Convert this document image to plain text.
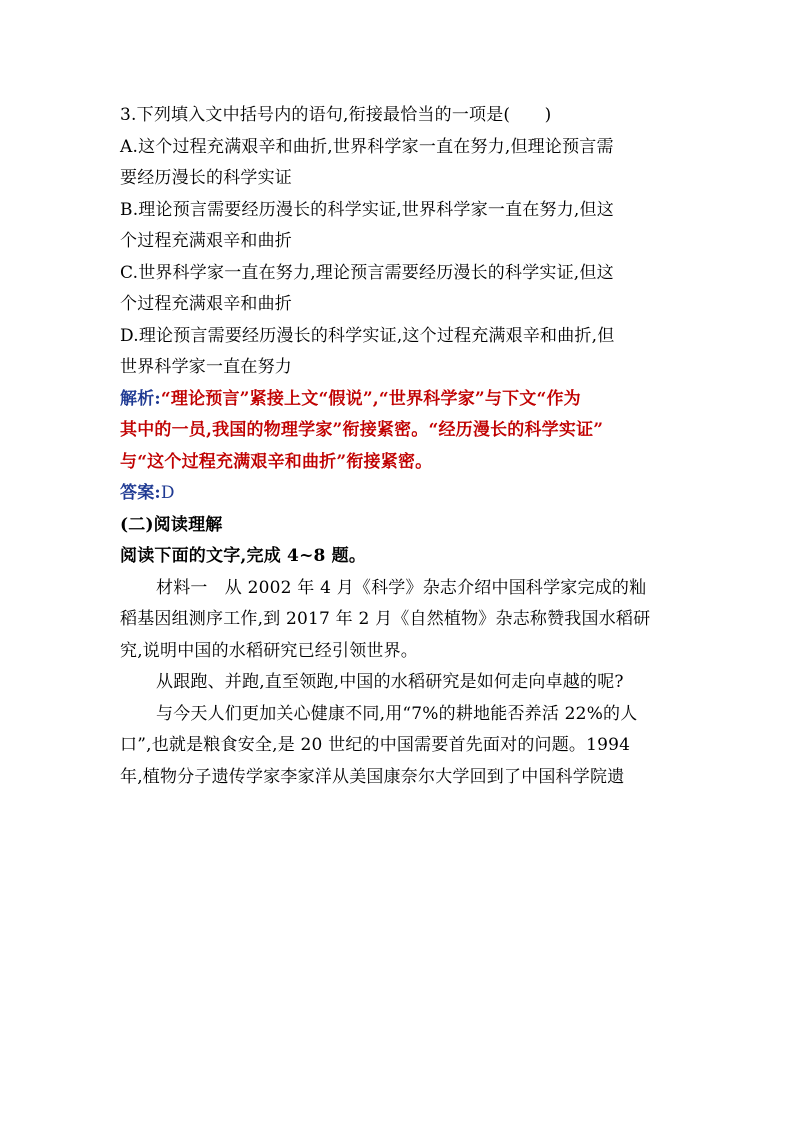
3.下列填入文中括号内的语句,衔接最恰当的一项是(　　)
A.这个过程充满艰辛和曲折,世界科学家一直在努力,但理论预言需
要经历漫长的科学实证
B.理论预言需要经历漫长的科学实证,世界科学家一直在努力,但这
个过程充满艰辛和曲折
C.世界科学家一直在努力,理论预言需要经历漫长的科学实证,但这
个过程充满艰辛和曲折
D.理论预言需要经历漫长的科学实证,这个过程充满艰辛和曲折,但
世界科学家一直在努力
解析:“理论预言”紧接上文“假说”,“世界科学家”与下文“作为
其中的一员,我国的物理学家”衔接紧密。“经历漫长的科学实证”
与“这个过程充满艰辛和曲折”衔接紧密。
答案:D
(二)阅读理解
阅读下面的文字,完成 4~8 题。
材料一　从 2002 年 4 月《科学》杂志介绍中国科学家完成的籼
稻基因组测序工作,到 2017 年 2 月《自然植物》杂志称赞我国水稻研
究,说明中国的水稻研究已经引领世界。
从跟跑、并跑,直至领跑,中国的水稻研究是如何走向卓越的呢?
与今天人们更加关心健康不同,用“7%的耕地能否养活 22%的人
口”,也就是粮食安全,是 20 世纪的中国需要首先面对的问题。1994
年,植物分子遗传学家李家洋从美国康奈尔大学回到了中国科学院遗
